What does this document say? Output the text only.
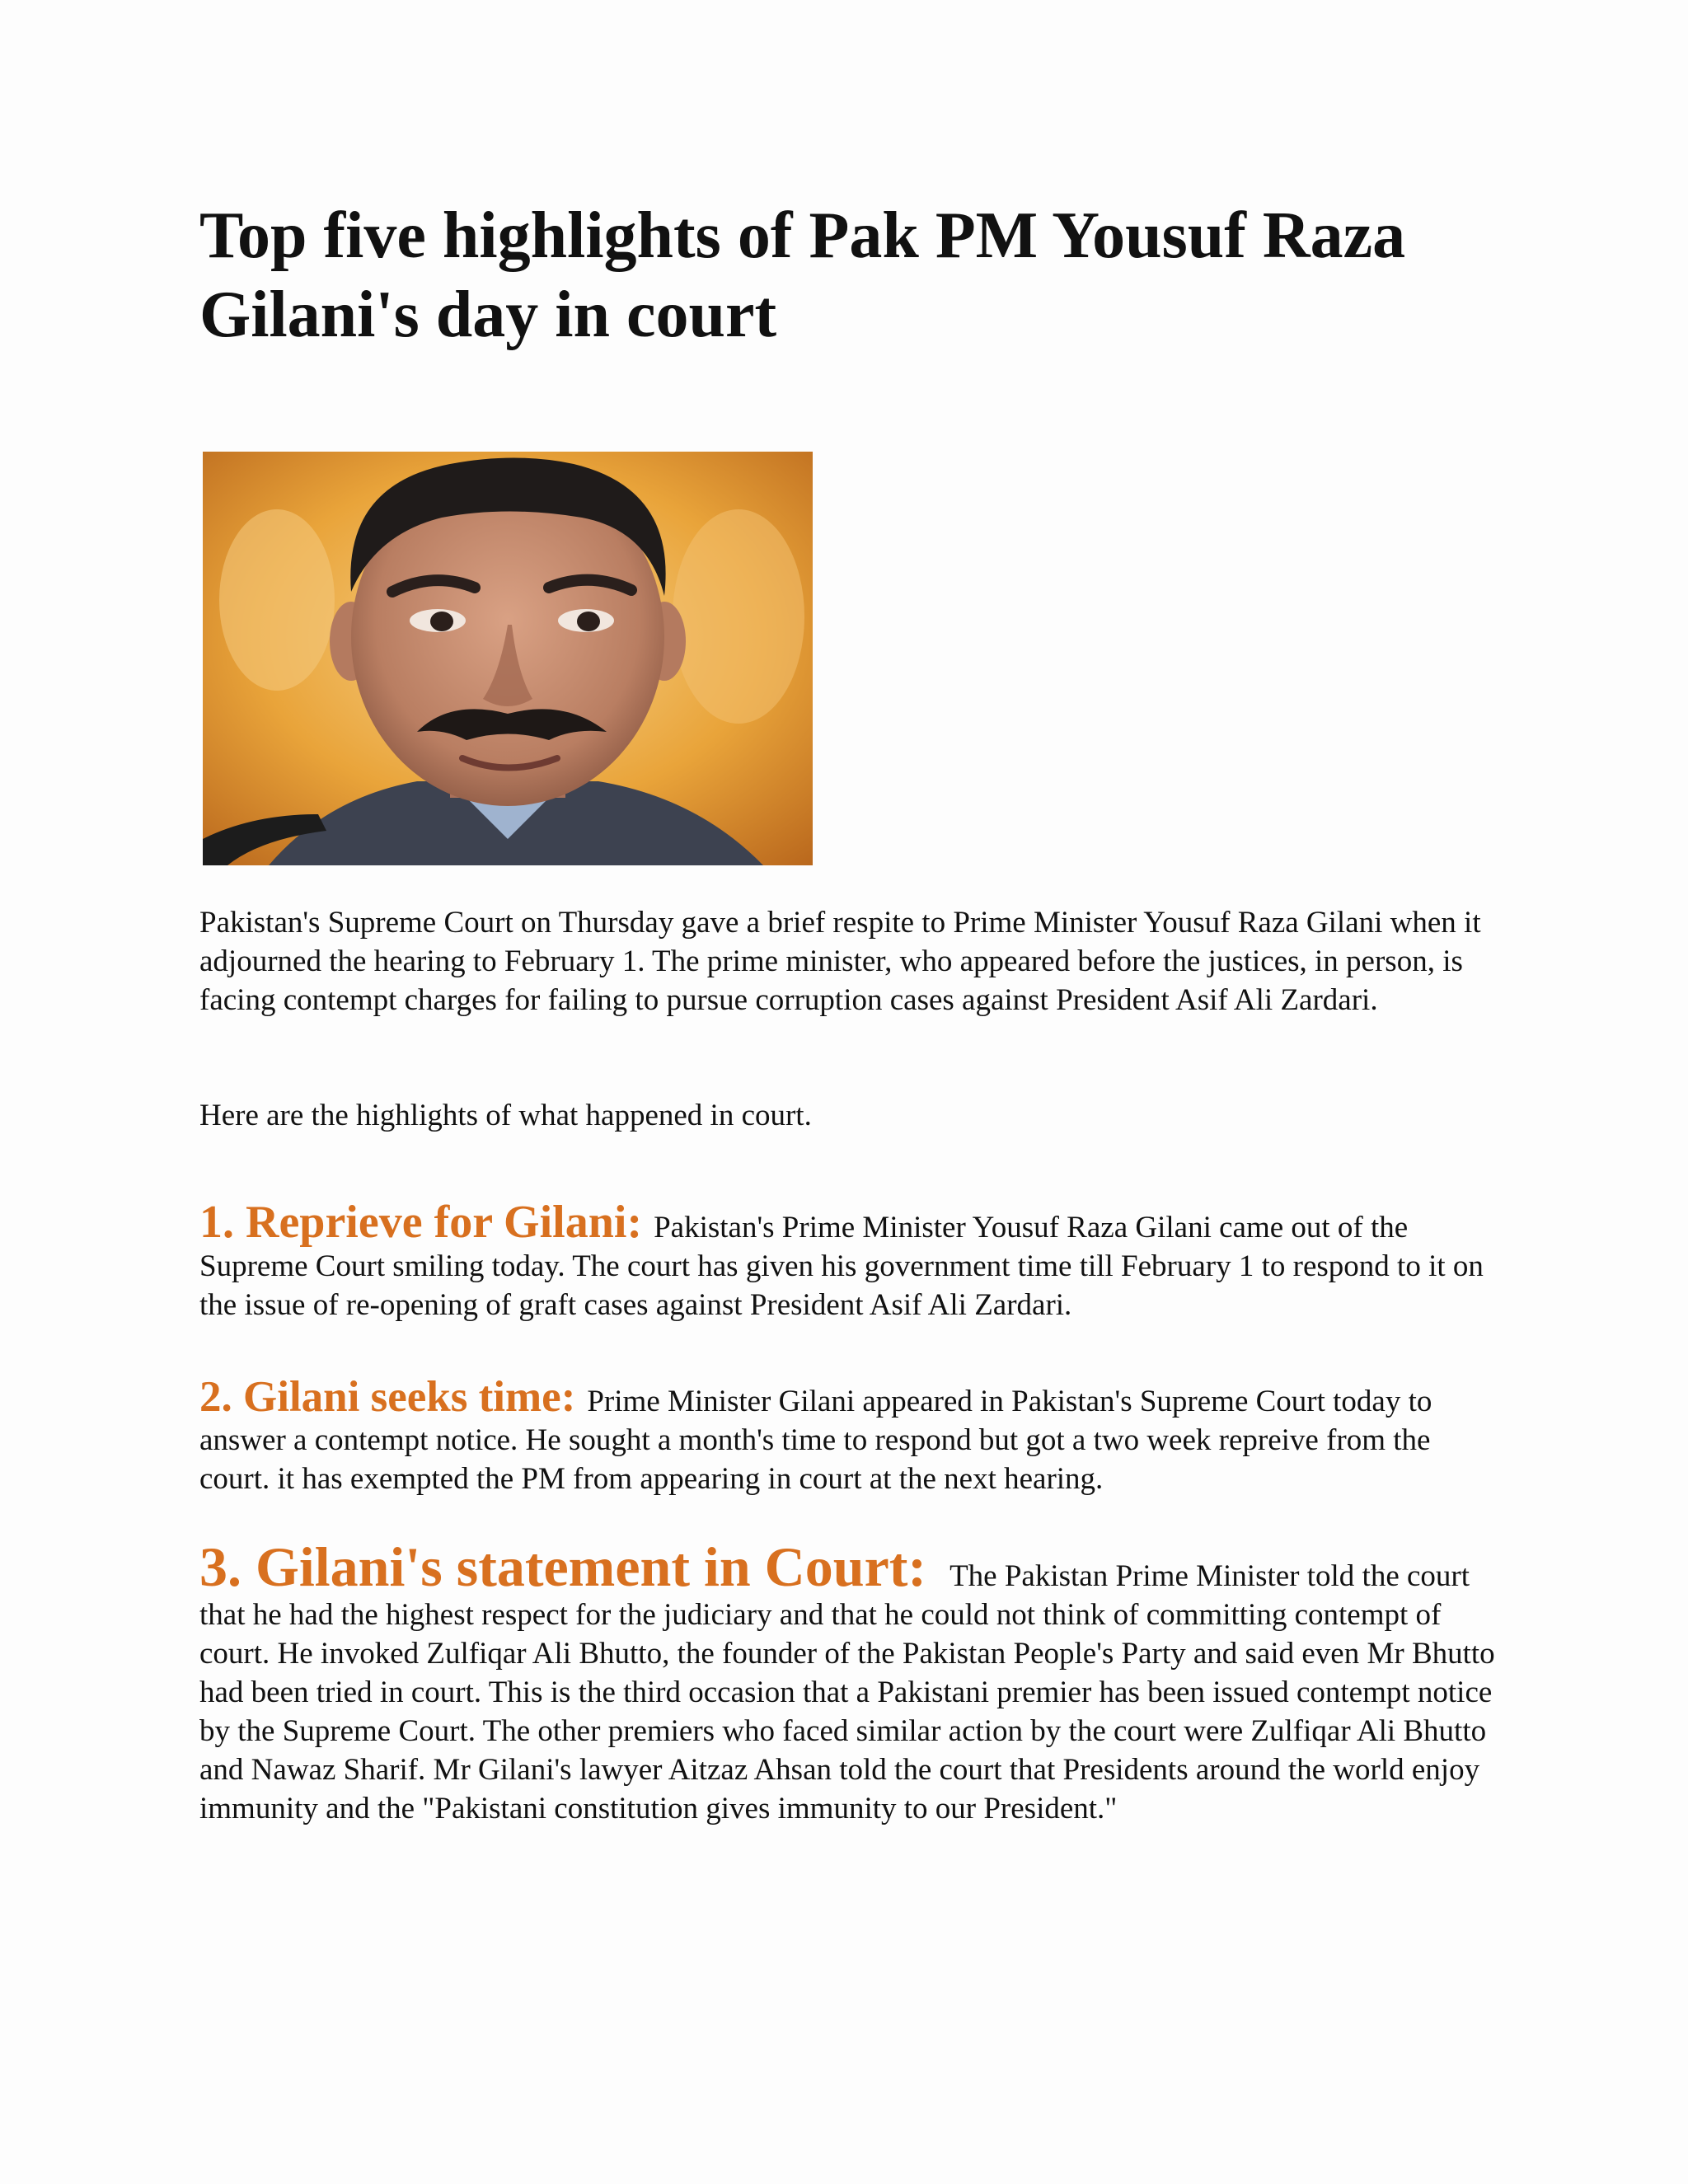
Top five highlights of Pak PM Yousuf Raza Gilani's day in court

Pakistan's Supreme Court on Thursday gave a brief respite to Prime Minister Yousuf Raza Gilani when it adjourned the hearing to February 1. The prime minister, who appeared before the justices, in person, is facing contempt charges for failing to pursue corruption cases against President Asif Ali Zardari.

Here are the highlights of what happened in court.

1. Reprieve for Gilani: Pakistan's Prime Minister Yousuf Raza Gilani came out of the Supreme Court smiling today. The court has given his government time till February 1 to respond to it on the issue of re-opening of graft cases against President Asif Ali Zardari.

2. Gilani seeks time: Prime Minister Gilani appeared in Pakistan's Supreme Court today to answer a contempt notice. He sought a month's time to respond but got a two week repreive from the court. it has exempted the PM from appearing in court at the next hearing.

3. Gilani's statement in Court: The Pakistan Prime Minister told the court that he had the highest respect for the judiciary and that he could not think of committing contempt of court. He invoked Zulfiqar Ali Bhutto, the founder of the Pakistan People's Party and said even Mr Bhutto had been tried in court. This is the third occasion that a Pakistani premier has been issued contempt notice by the Supreme Court. The other premiers who faced similar action by the court were Zulfiqar Ali Bhutto and Nawaz Sharif. Mr Gilani's lawyer Aitzaz Ahsan told the court that Presidents around the world enjoy immunity and the "Pakistani constitution gives immunity to our President."
